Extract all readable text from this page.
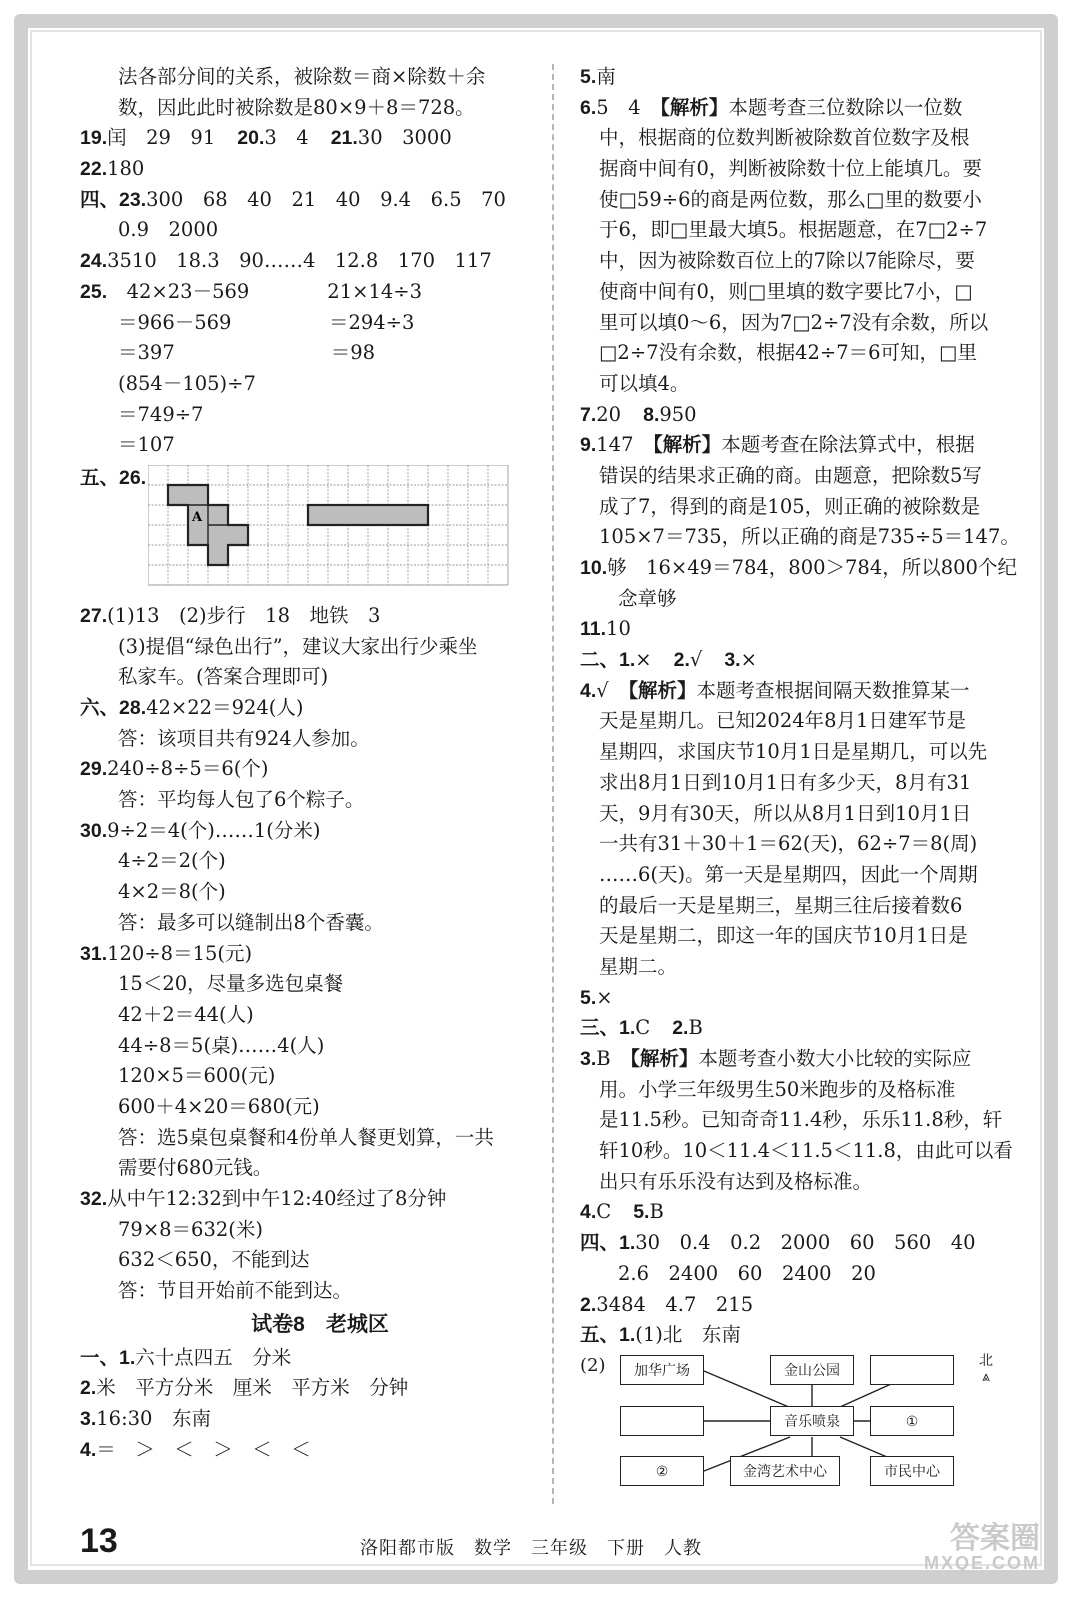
法各部分间的关系，被除数＝商×除数＋余
数，因此此时被除数是80×9＋8＝728。
19.闰　29　91 20.3　4 21.30　3000
22.180
四、23.300　68　40　21　40　9.4　6.5　70
0.9　2000
24.3510　18.3　90……4　12.8　170　117
25.　42×23－569　　　　21×14÷3
＝966－569　　　　　＝294÷3
＝397　　　　　　　　＝98
(854－105)÷7
＝749÷7
＝107
五、26.
A
27.(1)13　(2)步行　18　地铁　3
(3)提倡“绿色出行”，建议大家出行少乘坐
私家车。(答案合理即可)
六、28.42×22＝924(人)
答：该项目共有924人参加。
29.240÷8÷5＝6(个)
答：平均每人包了6个粽子。
30.9÷2＝4(个)……1(分米)
4÷2＝2(个)
4×2＝8(个)
答：最多可以缝制出8个香囊。
31.120÷8＝15(元)
15＜20，尽量多选包桌餐
42＋2＝44(人)
44÷8＝5(桌)……4(人)
120×5＝600(元)
600＋4×20＝680(元)
答：选5桌包桌餐和4份单人餐更划算，一共
需要付680元钱。
32.从中午12:32到中午12:40经过了8分钟
79×8＝632(米)
632＜650，不能到达
答：节目开始前不能到达。
试卷8　老城区
一、1.六十点四五　分米
2.米　平方分米　厘米　平方米　分钟
3.16:30　东南
4.＝　＞　＜　＞　＜　＜
5.南
6.5　4　【解析】本题考查三位数除以一位数
中，根据商的位数判断被除数首位数字及根
据商中间有0，判断被除数十位上能填几。要
使□59÷6的商是两位数，那么□里的数要小
于6，即□里最大填5。根据题意，在7□2÷7
中，因为被除数百位上的7除以7能除尽，要
使商中间有0，则□里填的数字要比7小，□
里可以填0～6，因为7□2÷7没有余数，所以
□2÷7没有余数，根据42÷7＝6可知，□里
可以填4。
7.20 8.950
9.147　【解析】本题考查在除法算式中，根据
错误的结果求正确的商。由题意，把除数5写
成了7，得到的商是105，则正确的被除数是
105×7＝735，所以正确的商是735÷5＝147。
10.够　16×49＝784，800＞784，所以800个纪
念章够
11.10
二、1.× 2.√ 3.×
4.√　【解析】本题考查根据间隔天数推算某一
天是星期几。已知2024年8月1日建军节是
星期四，求国庆节10月1日是星期几，可以先
求出8月1日到10月1日有多少天，8月有31
天，9月有30天，所以从8月1日到10月1日
一共有31＋30＋1＝62(天)，62÷7＝8(周)
……6(天)。第一天是星期四，因此一个周期
的最后一天是星期三，星期三往后接着数6
天是星期二，即这一年的国庆节10月1日是
星期二。
5.×
三、1.C 2.B
3.B　【解析】本题考查小数大小比较的实际应
用。小学三年级男生50米跑步的及格标准
是11.5秒。已知奇奇11.4秒，乐乐11.8秒，轩
轩10秒。10＜11.4＜11.5＜11.8，由此可以看
出只有乐乐没有达到及格标准。
4.C 5.B
四、1.30　0.4　0.2　2000　60　560　40
2.6　2400　60　2400　20
2.3484　4.7　215
五、1.(1)北　东南
(2)	加华广场	金山公园
音乐喷泉	①
②	金湾艺术中心	市民中心
北
⩓
13	洛阳都市版　数学　三年级　下册　人教	答案圈
MXQE.COM
